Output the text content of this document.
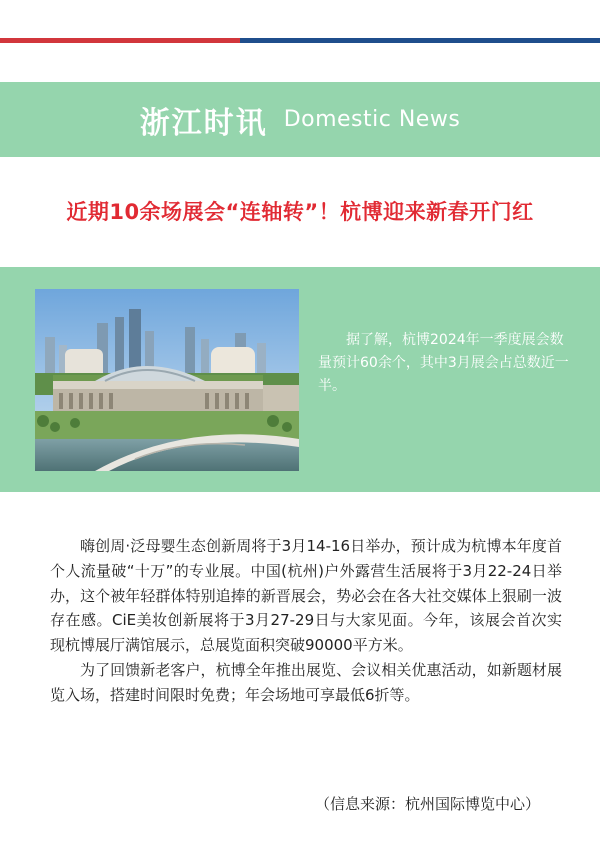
浙江时讯 Domestic News
近期10余场展会“连轴转”！杭博迎来新春开门红
据了解，杭博2024年一季度展会数量预计60余个，其中3月展会占总数近一半。

嗨创周·泛母婴生态创新周将于3月14-16日举办，预计成为杭博本年度首个人流量破“十万”的专业展。中国(杭州)户外露营生活展将于3月22-24日举办，这个被年轻群体特别追捧的新晋展会，势必会在各大社交媒体上狠刷一波存在感。CiE美妆创新展将于3月27-29日与大家见面。今年，该展会首次实现杭博展厅满馆展示，总展览面积突破90000平方米。

为了回馈新老客户，杭博全年推出展览、会议相关优惠活动，如新题材展览入场，搭建时间限时免费；年会场地可享最低6折等。

（信息来源：杭州国际博览中心）
